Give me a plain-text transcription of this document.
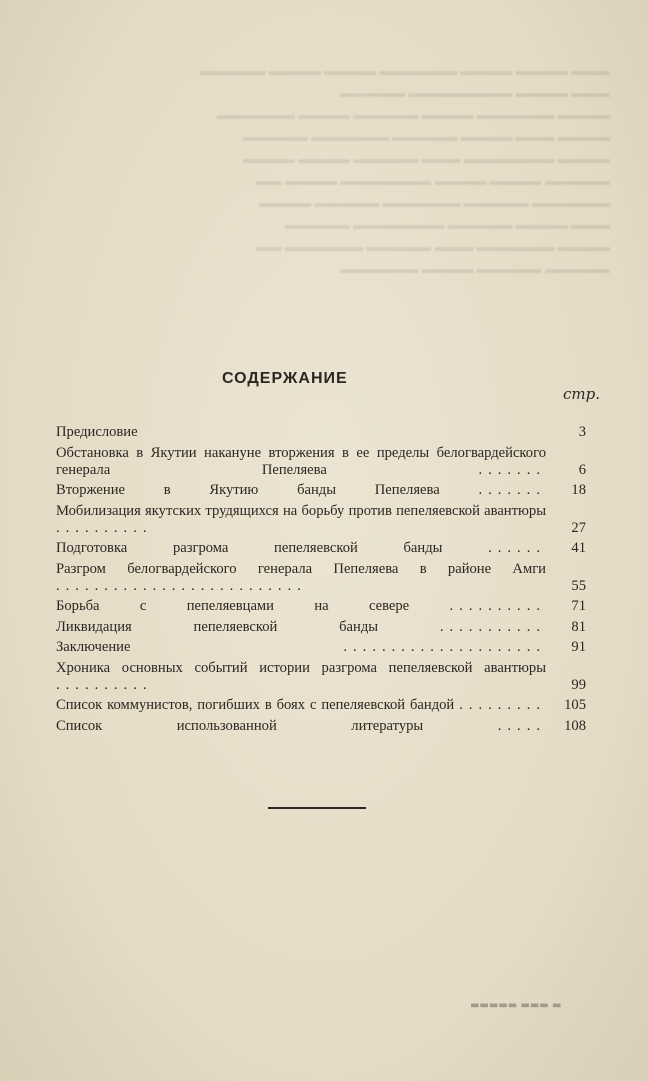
▬▬▬ ▬▬▬▬ ▬▬▬▬ ▬▬▬▬▬▬ ▬▬▬▬ ▬▬▬▬ ▬▬▬▬▬
▬▬▬ ▬▬▬▬ ▬▬▬▬▬▬▬▬ ▬▬▬▬▬
▬▬▬▬ ▬▬▬▬▬▬ ▬▬▬▬ ▬▬▬▬▬ ▬▬▬▬ ▬▬▬▬▬▬
▬▬▬▬ ▬▬▬ ▬▬▬▬ ▬▬▬▬▬ ▬▬▬▬▬▬ ▬▬▬▬▬
▬▬▬▬ ▬▬▬▬▬▬▬ ▬▬▬ ▬▬▬▬▬ ▬▬▬▬ ▬▬▬▬
▬▬▬▬▬ ▬▬▬▬ ▬▬▬▬ ▬▬▬▬▬▬▬ ▬▬▬▬ ▬▬
▬▬▬▬▬▬ ▬▬▬▬▬ ▬▬▬▬▬▬ ▬▬▬▬▬ ▬▬▬▬
▬▬▬ ▬▬▬▬ ▬▬▬▬▬ ▬▬▬▬▬▬▬ ▬▬▬▬▬
▬▬▬▬ ▬▬▬▬▬▬ ▬▬▬ ▬▬▬▬▬ ▬▬▬▬▬▬ ▬▬
▬▬▬▬▬ ▬▬▬▬▬ ▬▬▬▬ ▬▬▬▬▬▬
СОДЕРЖАНИЕ
стр.
Предисловие	3
Обстановка в Якутии накануне вторжения в ее пределы белогвардейского генерала Пепеляева	.......	6
Вторжение в Якутию банды Пепеляева	.......	18
Мобилизация якутских трудящихся на борьбу против пепеляевской авантюры ..........	27
Подготовка разгрома пепеляевской банды	......	41
Разгром белогвардейского генерала Пепеляева в районе Амги ..........................	55
Борьба с пепеляевцами на севере	..........	71
Ликвидация пепеляевской банды	...........	81
Заключение	.....................	91
Хроника основных событий истории разгрома пепеляевской авантюры ..........	99
Список коммунистов, погибших в боях с пепеляевской бандой .........	105
Список использованной литературы	.....	108
▬ ▬▬▬ ▬▬▬▬▬
